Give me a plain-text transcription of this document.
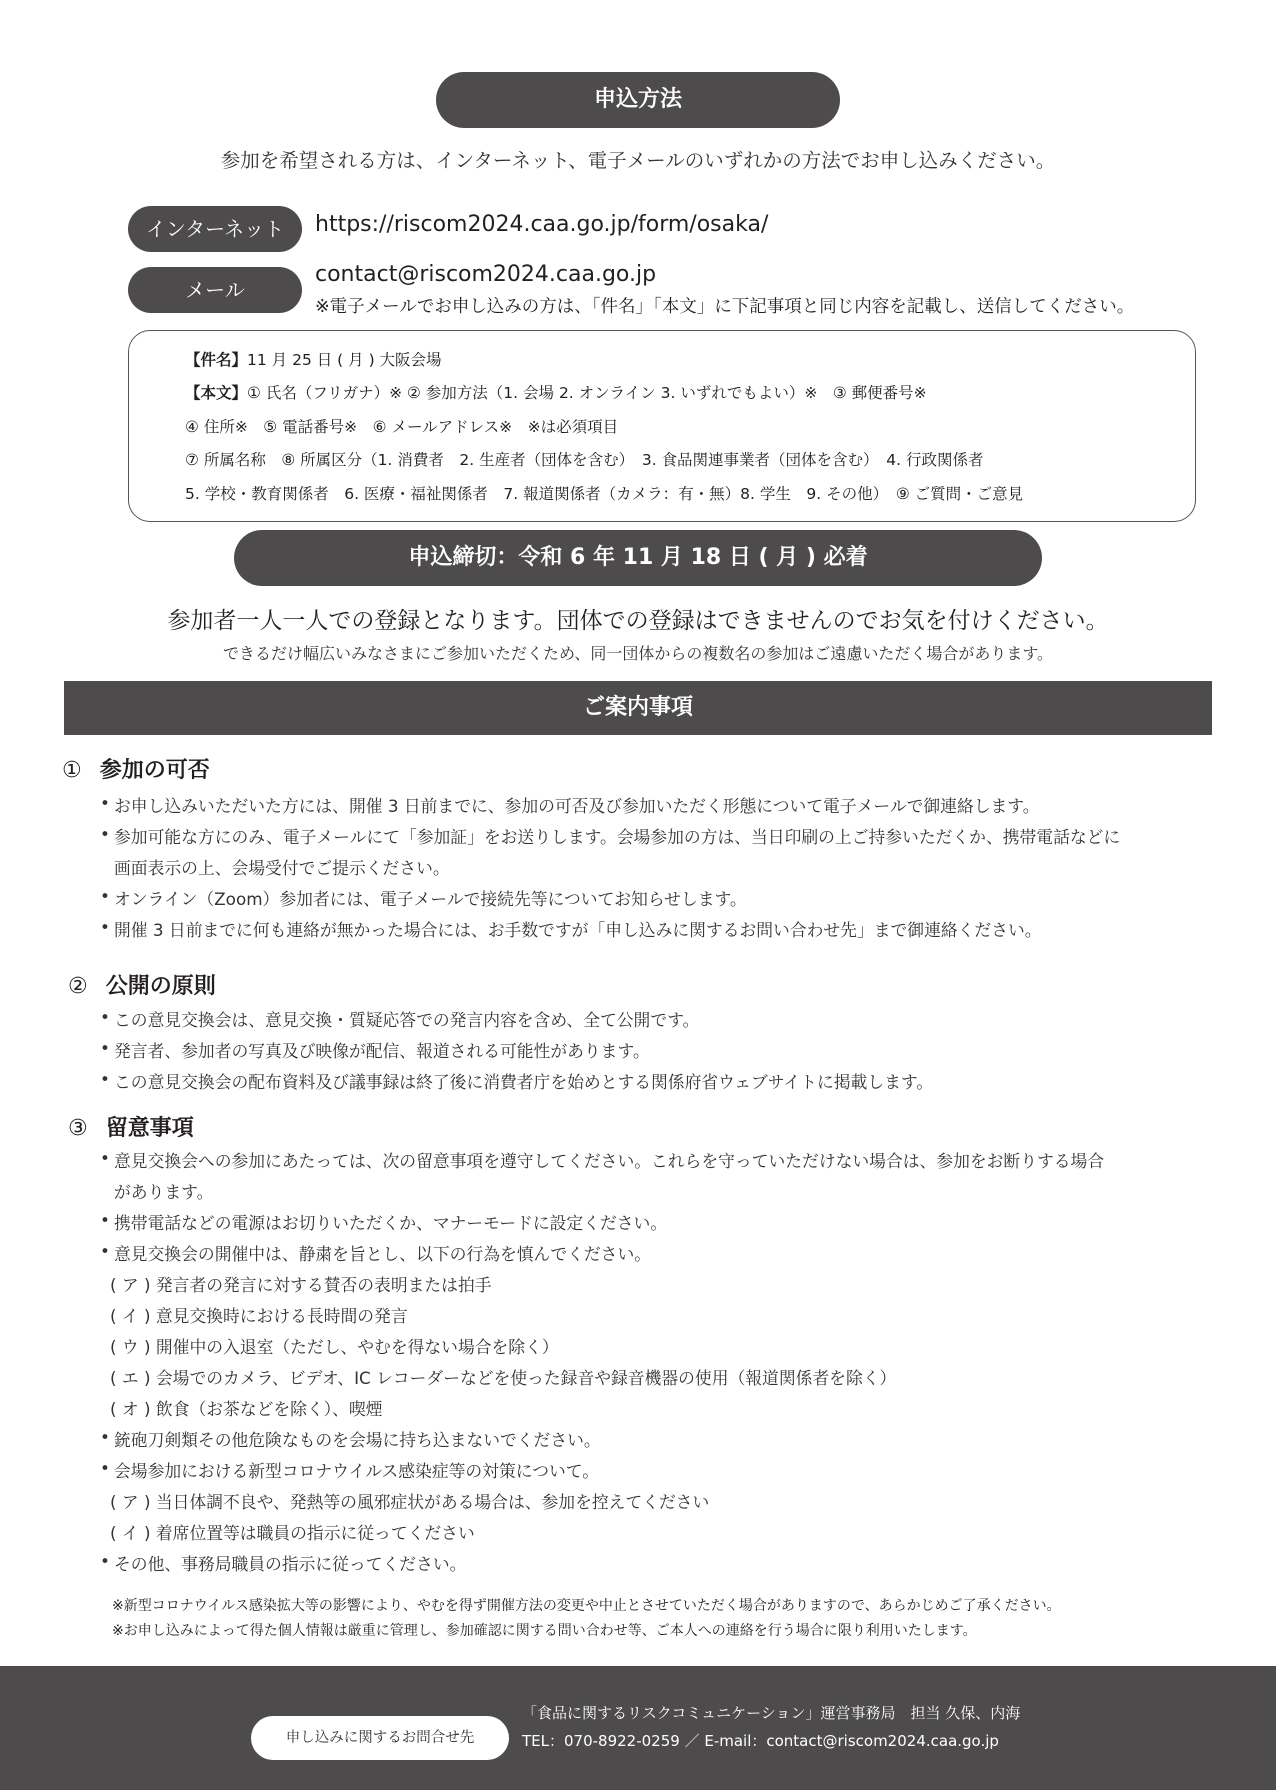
申込方法
参加を希望される方は、インターネット、電子メールのいずれかの方法でお申し込みください。
インターネット	https://riscom2024.caa.go.jp/form/osaka/
メール
contact@riscom2024.caa.go.jp
※電子メールでお申し込みの方は、「件名」「本文」に下記事項と同じ内容を記載し、送信してください。
【件名】11 月 25 日 ( 月 ) 大阪会場
【本文】① 氏名（フリガナ）※ ② 参加方法（1. 会場 2. オンライン 3. いずれでもよい）※　③ 郵便番号※
④ 住所※　⑤ 電話番号※　⑥ メールアドレス※　※は必須項目
⑦ 所属名称　⑧ 所属区分（1. 消費者　2. 生産者（団体を含む）　3. 食品関連事業者（団体を含む）　4. 行政関係者
5. 学校・教育関係者　6. 医療・福祉関係者　7. 報道関係者（カメラ：有・無）8. 学生　9. その他）　⑨ ご質問・ご意見
申込締切：令和 6 年 11 月 18 日 ( 月 ) 必着
参加者一人一人での登録となります。団体での登録はできませんのでお気を付けください。
できるだけ幅広いみなさまにご参加いただくため、同一団体からの複数名の参加はご遠慮いただく場合があります。
ご案内事項
① 参加の可否
• お申し込みいただいた方には、開催 3 日前までに、参加の可否及び参加いただく形態について電子メールで御連絡します。
• 参加可能な方にのみ、電子メールにて「参加証」をお送りします。会場参加の方は、当日印刷の上ご持参いただくか、携帯電話などに
画面表示の上、会場受付でご提示ください。
• オンライン（Zoom）参加者には、電子メールで接続先等についてお知らせします。
• 開催 3 日前までに何も連絡が無かった場合には、お手数ですが「申し込みに関するお問い合わせ先」まで御連絡ください。
② 公開の原則
• この意見交換会は、意見交換・質疑応答での発言内容を含め、全て公開です。
• 発言者、参加者の写真及び映像が配信、報道される可能性があります。
• この意見交換会の配布資料及び議事録は終了後に消費者庁を始めとする関係府省ウェブサイトに掲載します。
③ 留意事項
• 意見交換会への参加にあたっては、次の留意事項を遵守してください。これらを守っていただけない場合は、参加をお断りする場合
があります。
• 携帯電話などの電源はお切りいただくか、マナーモードに設定ください。
• 意見交換会の開催中は、静粛を旨とし、以下の行為を慎んでください。
( ア ) 発言者の発言に対する賛否の表明または拍手
( イ ) 意見交換時における長時間の発言
( ウ ) 開催中の入退室（ただし、やむを得ない場合を除く）
( エ ) 会場でのカメラ、ビデオ、IC レコーダーなどを使った録音や録音機器の使用（報道関係者を除く）
( オ ) 飲食（お茶などを除く）、喫煙
• 銃砲刀剣類その他危険なものを会場に持ち込まないでください。
• 会場参加における新型コロナウイルス感染症等の対策について。
( ア ) 当日体調不良や、発熱等の風邪症状がある場合は、参加を控えてください
( イ ) 着席位置等は職員の指示に従ってください
• その他、事務局職員の指示に従ってください。
※新型コロナウイルス感染拡大等の影響により、やむを得ず開催方法の変更や中止とさせていただく場合がありますので、あらかじめご了承ください。
※お申し込みによって得た個人情報は厳重に管理し、参加確認に関する問い合わせ等、ご本人への連絡を行う場合に限り利用いたします。
申し込みに関するお問合せ先
「食品に関するリスクコミュニケーション」運営事務局　担当 久保、内海
TEL：070-8922-0259 ／ E-mail：contact@riscom2024.caa.go.jp
